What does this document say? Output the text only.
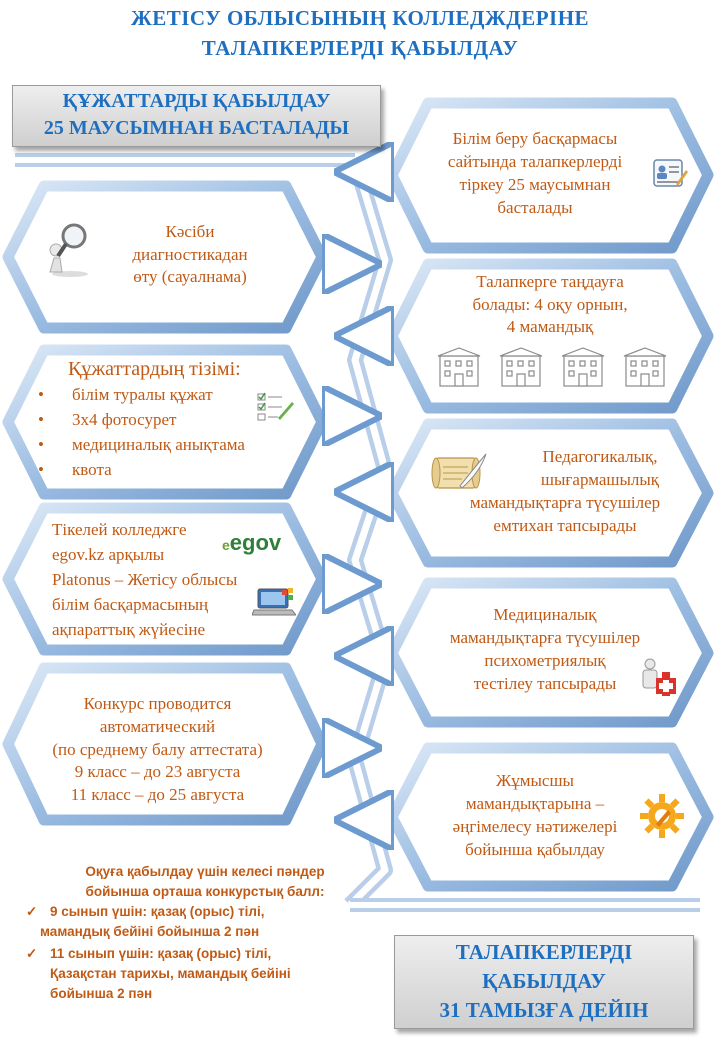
ЖЕТІСУ ОБЛЫСЫНЫҢ КОЛЛЕДЖДЕРІНЕ
ТАЛАПКЕРЛЕРДІ ҚАБЫЛДАУ
ҚҰЖАТТАРДЫ ҚАБЫЛДАУ
25 МАУСЫМНАН БАСТАЛАДЫ	Білім беру басқармасы
сайтында талапкерлерді
тіркеу 25 маусымнан
басталады
Талапкерге таңдауға
болады: 4 оқу орнын,
4 мамандық
Педагогикалық,
шығармашылық
мамандықтарға түсушілер
емтихан тапсырады
Медициналық
мамандықтарға түсушілер
психометриялық
тестілеу тапсырады
Жұмысшы
мамандықтарына –
әңгімелесу нәтижелері
бойынша қабылдау
Кәсіби
диагностикадан
өту (сауалнама)
Құжаттардың тізімі:
• білім туралы құжат
• 3х4 фотосурет
• медициналық анықтама
• квота
Тікелей колледжге
egov.kz арқылы
Platonus – Жетісу облысы
білім басқармасының
ақпараттық жүйесіне
eegov
Конкурс проводится
автоматический
(по среднему балу аттестата)
9 класс – до 23 августа
11 класс – до 25 августа
Оқуға қабылдау үшін келесі пәндер
бойынша орташа конкурстық балл:
✓ 9 сынып үшін: қазақ (орыс) тілі,
мамандық бейіні бойынша 2 пән
✓ 11 сынып үшін: қазақ (орыс) тілі,
Қазақстан тарихы, мамандық бейіні
бойынша 2 пән
ТАЛАПКЕРЛЕРДІ
ҚАБЫЛДАУ
31 ТАМЫЗҒА ДЕЙІН
